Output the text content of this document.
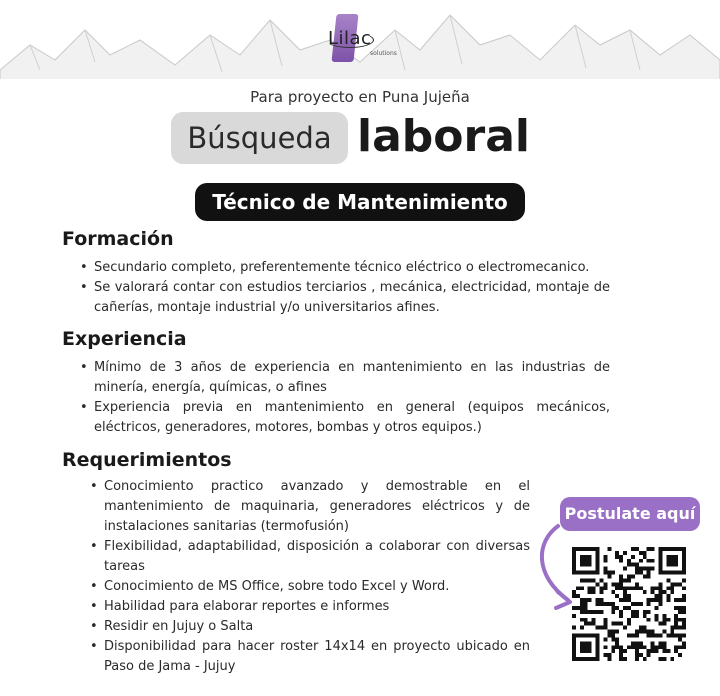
Lilac
solutions
Para proyecto en Puna Jujeña
Búsqueda laboral
Técnico de Mantenimiento
Formación
• Secundario completo, preferentemente técnico eléctrico o electromecanico.
• Se valorará contar con estudios terciarios , mecánica, electricidad, montaje de cañerías, montaje industrial y/o universitarios afines.
Experiencia
• Mínimo de 3 años de experiencia en mantenimiento en las industrias de minería, energía, químicas, o afines
• Experiencia previa en mantenimiento en general (equipos mecánicos, eléctricos, generadores, motores, bombas y otros equipos.)
Requerimientos
• Conocimiento practico avanzado y demostrable en el mantenimiento de maquinaria, generadores eléctricos y de instalaciones sanitarias (termofusión)
• Flexibilidad, adaptabilidad, disposición a colaborar con diversas tareas
• Conocimiento de MS Office, sobre todo Excel y Word.
• Habilidad para elaborar reportes e informes
• Residir en Jujuy o Salta
• Disponibilidad para hacer roster 14x14 en proyecto ubicado en Paso de Jama - Jujuy
Postulate aquí
